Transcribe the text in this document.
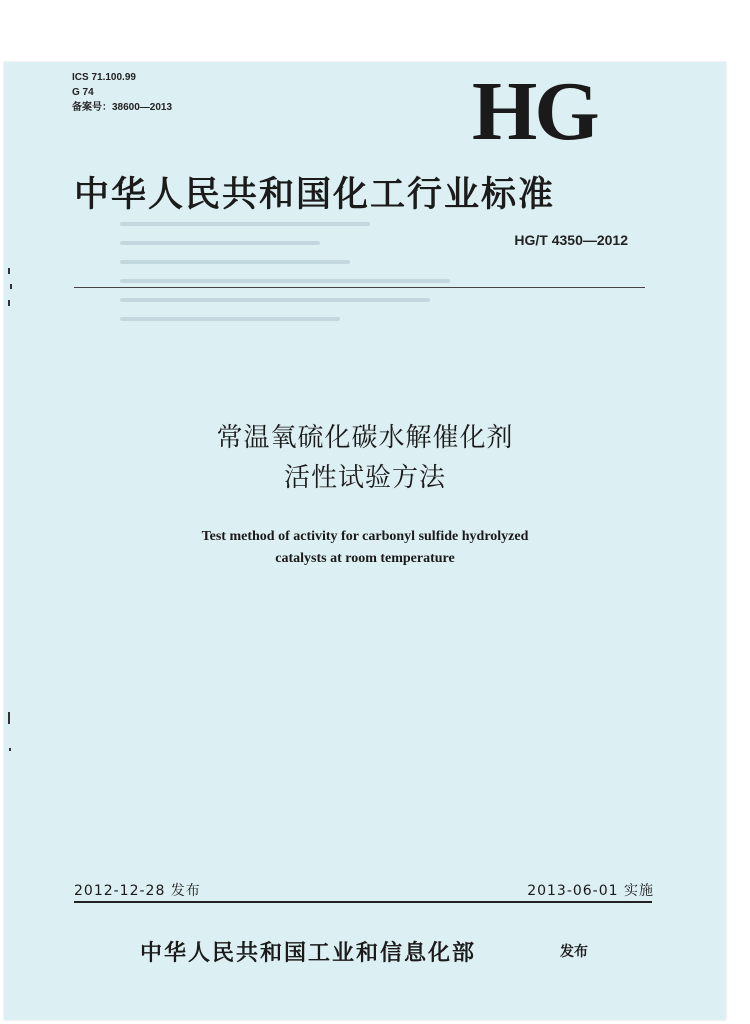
ICS 71.100.99
G 74
备案号：38600—2013	HG
中华人民共和国化工行业标准
HG/T 4350—2012
常温氧硫化碳水解催化剂
活性试验方法
Test method of activity for carbonyl sulfide hydrolyzed
catalysts at room temperature
2012-12-28 发布	2013-06-01 实施
中华人民共和国工业和信息化部	发布
